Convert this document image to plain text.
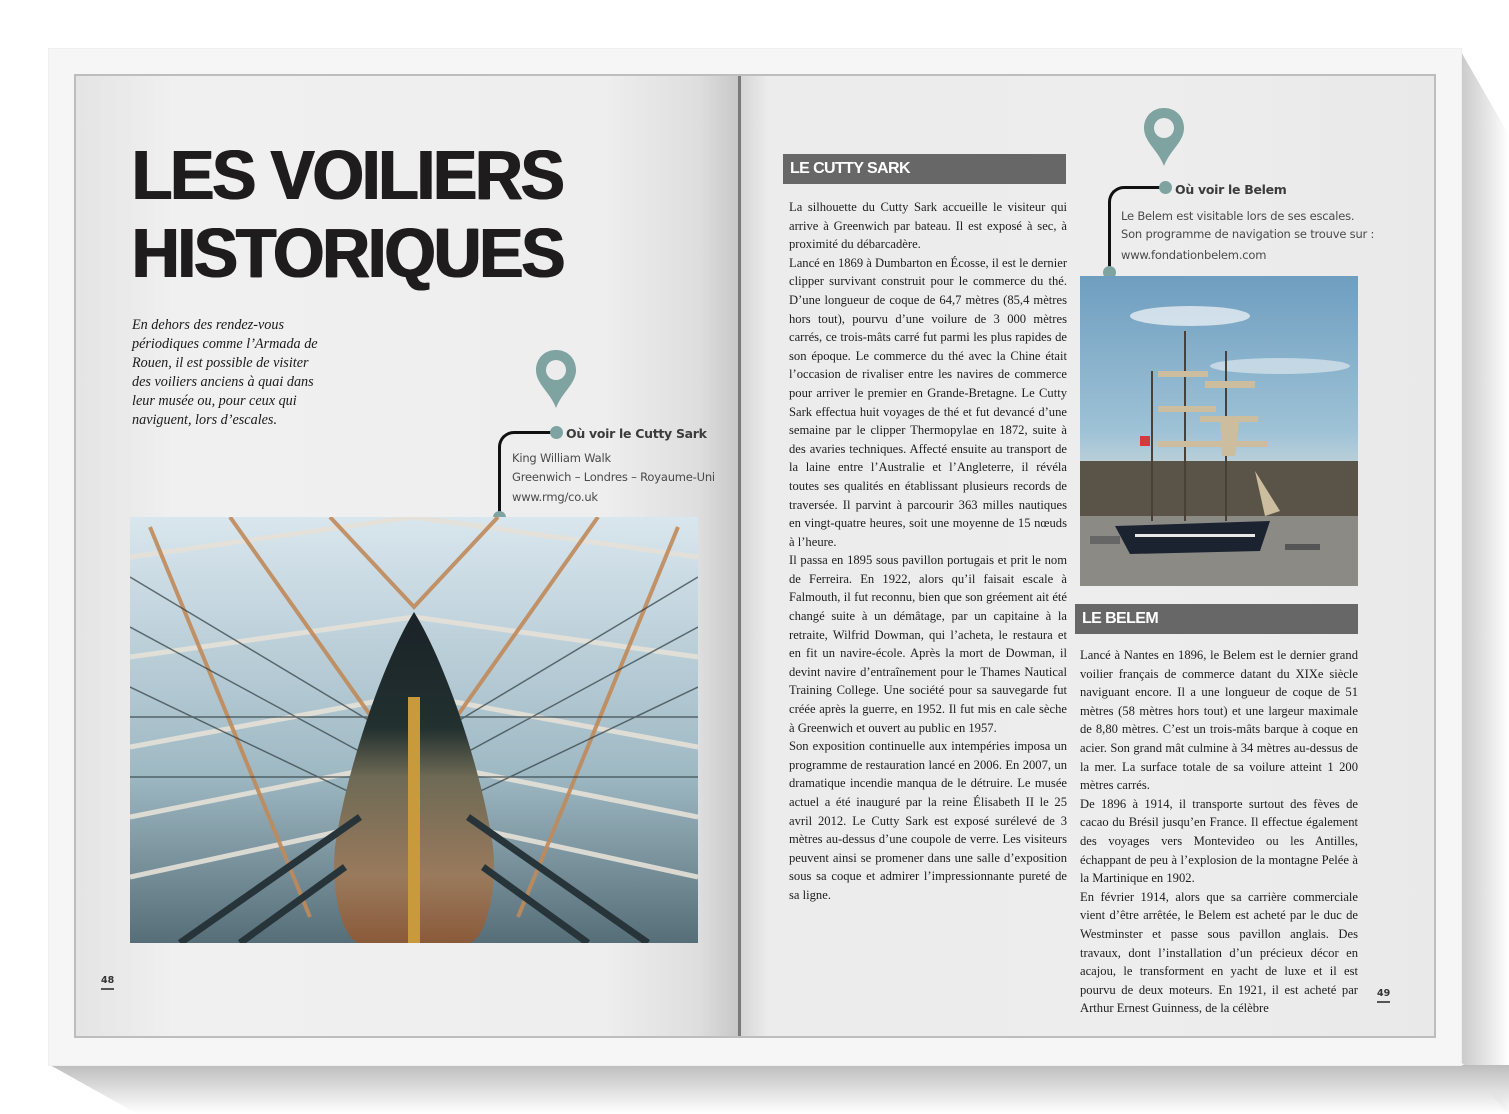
LES VOILIERS
HISTORIQUES
En dehors des rendez-vous périodiques comme l’Armada de Rouen, il est possible de visiter des voiliers anciens à quai dans leur musée ou, pour ceux qui naviguent, lors d’escales.
Où voir le Cutty Sark
King William Walk
Greenwich – Londres – Royaume-Uni
www.rmg/co.uk
48
LE CUTTY SARK

La silhouette du Cutty Sark accueille le visiteur qui arrive à Greenwich par bateau. Il est exposé à sec, à proximité du débarcadère.

Lancé en 1869 à Dumbarton en Écosse, il est le dernier clipper survivant construit pour le commerce du thé. D’une longueur de coque de 64,7 mètres (85,4 mètres hors tout), pourvu d’une voilure de 3 000 mètres carrés, ce trois-mâts carré fut parmi les plus rapides de son époque. Le commerce du thé avec la Chine était l’occasion de rivaliser entre les navires de commerce pour arriver le premier en Grande-Bretagne. Le Cutty Sark effectua huit voyages de thé et fut devancé d’une semaine par le clipper Thermopylae en 1872, suite à des avaries techniques. Affecté ensuite au transport de la laine entre l’Australie et l’Angleterre, il révéla toutes ses qualités en établissant plusieurs records de traversée. Il parvint à parcourir 363 milles nautiques en vingt-quatre heures, soit une moyenne de 15 nœuds à l’heure.

Il passa en 1895 sous pavillon portugais et prit le nom de Ferreira. En 1922, alors qu’il faisait escale à Falmouth, il fut reconnu, bien que son gréement ait été changé suite à un démâtage, par un capitaine à la retraite, Wilfrid Dowman, qui l’acheta, le restaura et en fit un navire-école. Après la mort de Dowman, il devint navire d’entraînement pour le Thames Nautical Training College. Une société pour sa sauvegarde fut créée après la guerre, en 1952. Il fut mis en cale sèche à Greenwich et ouvert au public en 1957.

Son exposition continuelle aux intempéries imposa un programme de restauration lancé en 2006. En 2007, un dramatique incendie manqua de le détruire. Le musée actuel a été inauguré par la reine Élisabeth II le 25 avril 2012. Le Cutty Sark est exposé surélevé de 3 mètres au-dessus d’une coupole de verre. Les visiteurs peuvent ainsi se promener dans une salle d’exposition sous sa coque et admirer l’impressionnante pureté de sa ligne.

Où voir le Belem
Le Belem est visitable lors de ses escales.
Son programme de navigation se trouve sur :
www.fondationbelem.com
LE BELEM

Lancé à Nantes en 1896, le Belem est le dernier grand voilier français de commerce datant du XIXe siècle naviguant encore. Il a une longueur de coque de 51 mètres (58 mètres hors tout) et une largeur maximale de 8,80 mètres. C’est un trois-mâts barque à coque en acier. Son grand mât culmine à 34 mètres au-dessus de la mer. La surface totale de sa voilure atteint 1 200 mètres carrés.

De 1896 à 1914, il transporte surtout des fèves de cacao du Brésil jusqu’en France. Il effectue également des voyages vers Montevideo ou les Antilles, échappant de peu à l’explosion de la montagne Pelée à la Martinique en 1902.

En février 1914, alors que sa carrière commerciale vient d’être arrêtée, le Belem est acheté par le duc de Westminster et passe sous pavillon anglais. Des travaux, dont l’installation d’un précieux décor en acajou, le transforment en yacht de luxe et il est pourvu de deux moteurs. En 1921, il est acheté par Arthur Ernest Guinness, de la célèbre

49
